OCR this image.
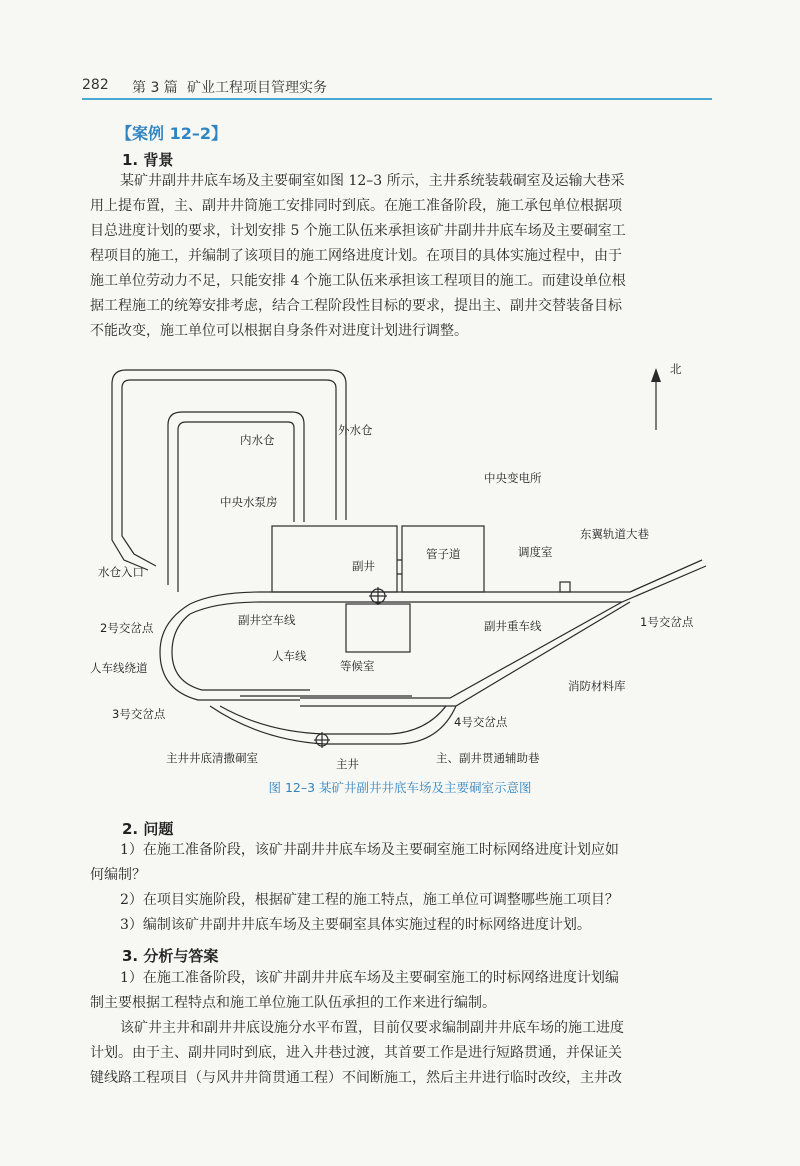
282 第 3 篇 矿业工程项目管理实务
【案例 12–2】
1. 背景
某矿井副井井底车场及主要硐室如图 12–3 所示，主井系统装载硐室及运输大巷采
用上提布置，主、副井井筒施工安排同时到底。在施工准备阶段，施工承包单位根据项
目总进度计划的要求，计划安排 5 个施工队伍来承担该矿井副井井底车场及主要硐室工
程项目的施工，并编制了该项目的施工网络进度计划。在项目的具体实施过程中，由于
施工单位劳动力不足，只能安排 4 个施工队伍来承担该工程项目的施工。而建设单位根
据工程施工的统筹安排考虑，结合工程阶段性目标的要求，提出主、副井交替装备目标
不能改变，施工单位可以根据自身条件对进度计划进行调整。
北
外水仓
内水仓
中央变电所
中央水泵房
管子道
副井
调度室
东翼轨道大巷
水仓入口
2号交岔点
副井空车线	副井重车线	1号交岔点
人车线绕道
人车线
等候室
消防材料库
3号交岔点
4号交岔点
主井井底清撒硐室	主井	主、副井贯通辅助巷
图 12–3 某矿井副井井底车场及主要硐室示意图
2. 问题
1）在施工准备阶段，该矿井副井井底车场及主要硐室施工时标网络进度计划应如
何编制？
2）在项目实施阶段，根据矿建工程的施工特点，施工单位可调整哪些施工项目？
3）编制该矿井副井井底车场及主要硐室具体实施过程的时标网络进度计划。
3. 分析与答案
1）在施工准备阶段，该矿井副井井底车场及主要硐室施工的时标网络进度计划编
制主要根据工程特点和施工单位施工队伍承担的工作来进行编制。
该矿井主井和副井井底设施分水平布置，目前仅要求编制副井井底车场的施工进度
计划。由于主、副井同时到底，进入井巷过渡，其首要工作是进行短路贯通，并保证关
键线路工程项目（与风井井筒贯通工程）不间断施工，然后主井进行临时改绞，主井改
